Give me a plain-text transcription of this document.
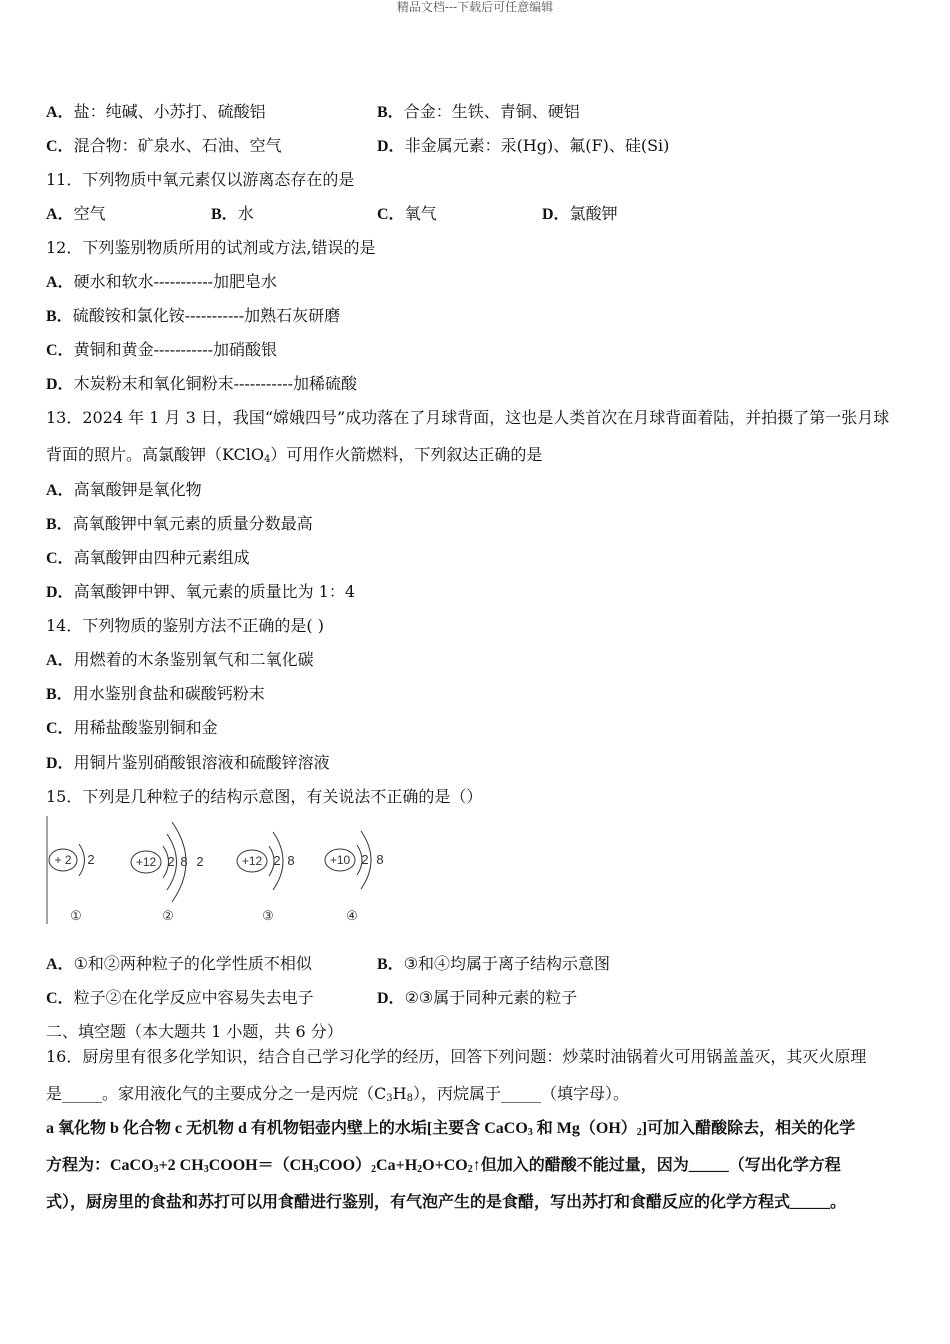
精品文档---下载后可任意编辑
A．盐：纯碱、小苏打、硫酸铝	B．合金：生铁、青铜、硬铝
C．混合物：矿泉水、石油、空气	D．非金属元素：汞(Hg)、氟(F)、硅(Si)
11．下列物质中氧元素仅以游离态存在的是
A．空气	B．水	C．氧气	D．氯酸钾
12．下列鉴别物质所用的试剂或方法,错误的是
A．硬水和软水-----------加肥皂水
B．硫酸铵和氯化铵-----------加熟石灰研磨
C．黄铜和黄金-----------加硝酸银
D．木炭粉末和氧化铜粉末-----------加稀硫酸
13．2024 年 1 月 3 日，我国“嫦娥四号”成功落在了月球背面，这也是人类首次在月球背面着陆，并拍摄了第一张月球
背面的照片。高氯酸钾（KClO$_4$）可用作火箭燃料，下列叙达正确的是
A．高氧酸钾是氧化物
B．高氧酸钾中氧元素的质量分数最高
C．高氧酸钾由四种元素组成
D．高氧酸钾中钾、氧元素的质量比为 1：4
14．下列物质的鉴别方法不正确的是( )
A．用燃着的木条鉴别氧气和二氧化碳
B．用水鉴别食盐和碳酸钙粉末
C．用稀盐酸鉴别铜和金
D．用铜片鉴别硝酸银溶液和硫酸锌溶液
15．下列是几种粒子的结构示意图，有关说法不正确的是（）
+ 2 2
①
+12 2 8 2
②
+12 2 8
③
+10 2 8
④
A．①和②两种粒子的化学性质不相似	B．③和④均属于离子结构示意图
C．粒子②在化学反应中容易失去电子	D．②③属于同种元素的粒子
二、填空题（本大题共 1 小题，共 6 分）
16．厨房里有很多化学知识，结合自己学习化学的经历，回答下列问题：炒菜时油锅着火可用锅盖盖灭，其灭火原理
是_____。家用液化气的主要成分之一是丙烷$(C_3H_8)$，丙烷属于_____（填字母）。
a 氧化物 b 化合物 c 无机物 d 有机物铝壶内壁上的水垢[主要含 CaCO$_3$ 和 $Mg(OH)_2$]可加入醋酸除去，相关的化学
方程为：CaCO$_3$+2 $CH_3COOH=(CH_3COO)_2Ca+H_2O+CO_2↑$但加入的醋酸不能过量，因为_____（写出化学方程
式），厨房里的食盐和苏打可以用食醋进行鉴别，有气泡产生的是食醋，写出苏打和食醋反应的化学方程式_____。
